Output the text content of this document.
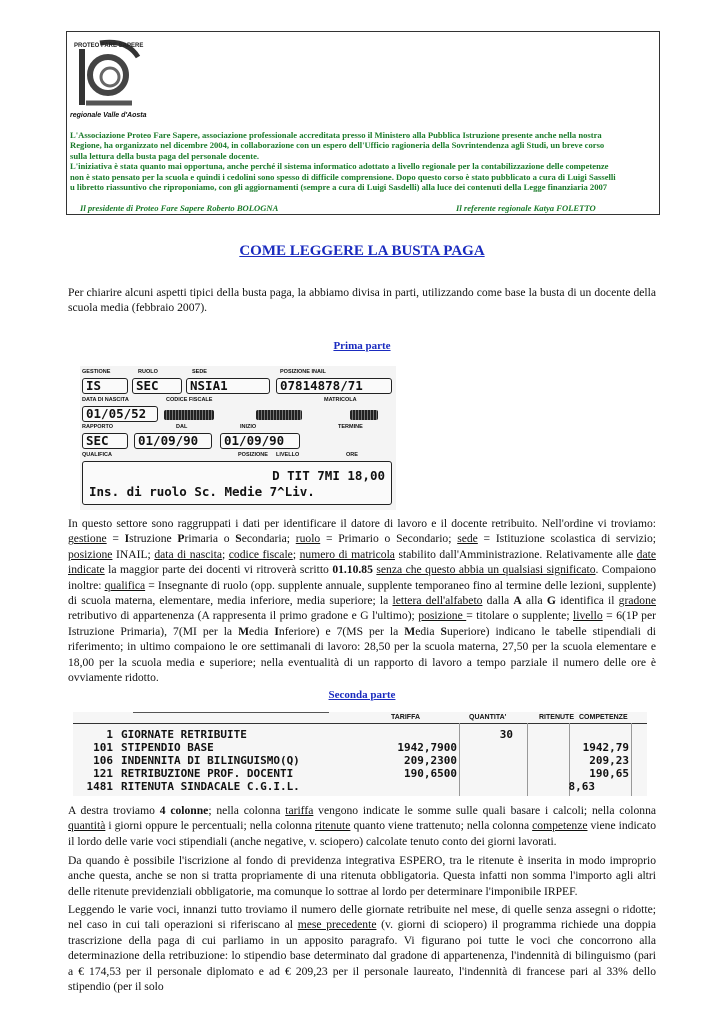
PROTEO FARE SAPERE
regionale Valle d'Aosta

L'Associazione Proteo Fare Sapere, associazione professionale accreditata presso il Ministero alla Pubblica Istruzione presente anche nella nostra

Regione, ha organizzato nel dicembre 2004, in collaborazione con un espero dell'Ufficio ragioneria della Sovrintendenza agli Studi, un breve corso

sulla lettura della busta paga del personale docente.

L'iniziativa è stata quanto mai opportuna, anche perché il sistema informatico adottato a livello regionale per la contabilizzazione delle competenze

non è stato pensato per la scuola e quindi i cedolini sono spesso di difficile comprensione. Dopo questo corso è stato pubblicato a cura di Luigi Sasselli

u libretto riassuntivo che riproponiamo, con gli aggiornamenti (sempre a cura di Luigi Sasdelli) alla luce dei contenuti della Legge finanziaria 2007

Il presidente di Proteo Fare Sapere Roberto BOLOGNA	Il referente regionale Katya FOLETTO
COME LEGGERE LA BUSTA PAGA

Per chiarire alcuni aspetti tipici della busta paga, la abbiamo divisa in parti, utilizzando come base la busta di un docente della scuola media (febbraio 2007).

Prima parte
GESTIONE	RUOLO	SEDE	POSIZIONE INAIL
IS	SEC	NSIA1	07814878/71
DATA DI NASCITA	CODICE FISCALE	MATRICOLA
01/05/52
RAPPORTO	DAL	INIZIO	TERMINE
SEC	01/09/90	01/09/90
QUALIFICA	POSIZIONE LIVELLO	ORE
D TIT 7MI 18,00
Ins. di ruolo Sc. Medie 7^Liv.

In questo settore sono raggruppati i dati per identificare il datore di lavoro e il docente retribuito. Nell'ordine vi troviamo: gestione = Istruzione Primaria o Secondaria; ruolo = Primario o Secondario; sede = Istituzione scolastica di servizio; posizione INAIL; data di nascita; codice fiscale; numero di matricola stabilito dall'Amministrazione. Relativamente alle date indicate la maggior parte dei docenti vi ritroverà scritto 01.10.85 senza che questo abbia un qualsiasi significato. Compaiono inoltre: qualifica = Insegnante di ruolo (opp. supplente annuale, supplente temporaneo fino al termine delle lezioni, supplente) di scuola materna, elementare, media inferiore, media superiore; la lettera dell'alfabeto dalla A alla G identifica il gradone retributivo di appartenenza (A rappresenta il primo gradone e G l'ultimo); posizione = titolare o supplente; livello = 6(1P per Istruzione Primaria), 7(MI per la Media Inferiore) e 7(MS per la Media Superiore) indicano le tabelle stipendiali di riferimento; in ultimo compaiono le ore settimanali di lavoro: 28,50 per la scuola materna, 27,50 per la scuola elementare e 18,00 per la scuola media e superiore; nella eventualità di un rapporto di lavoro a tempo parziale il numero delle ore è ovviamente ridotto.

Seconda parte
TARIFFA	QUANTITA'	RITENUTE COMPETENZE
1 GIORNATE RETRIBUITE	30
101 STIPENDIO BASE	1942,7900	1942,79
106 INDENNITA DI BILINGUISMO(Q)	209,2300	209,23
121 RETRIBUZIONE PROF. DOCENTI	190,6500	190,65
1481 RITENUTA SINDACALE C.G.I.L.	8,63

A destra troviamo 4 colonne; nella colonna tariffa vengono indicate le somme sulle quali basare i calcoli; nella colonna quantità i giorni oppure le percentuali; nella colonna ritenute quanto viene trattenuto; nella colonna competenze viene indicato il lordo delle varie voci stipendiali (anche negative, v. sciopero) calcolate tenuto conto dei giorni lavorati.

Da quando è possibile l'iscrizione al fondo di previdenza integrativa ESPERO, tra le ritenute è inserita in modo improprio anche questa, anche se non si tratta propriamente di una ritenuta obbligatoria. Questa infatti non somma l'importo agli altri delle ritenute previdenziali obbligatorie, ma comunque lo sottrae al lordo per determinare l'imponibile IRPEF.

Leggendo le varie voci, innanzi tutto troviamo il numero delle giornate retribuite nel mese, di quelle senza assegni o ridotte; nel caso in cui tali operazioni si riferiscano al mese precedente (v. giorni di sciopero) il programma richiede una doppia trascrizione della paga di cui parliamo in un apposito paragrafo. Vi figurano poi tutte le voci che concorrono alla determinazione della retribuzione: lo stipendio base determinato dal gradone di appartenenza, l'indennità di bilinguismo (pari a € 174,53 per il personale diplomato e ad € 209,23 per il personale laureato, l'indennità di francese pari al 33% dello stipendio (per il solo
